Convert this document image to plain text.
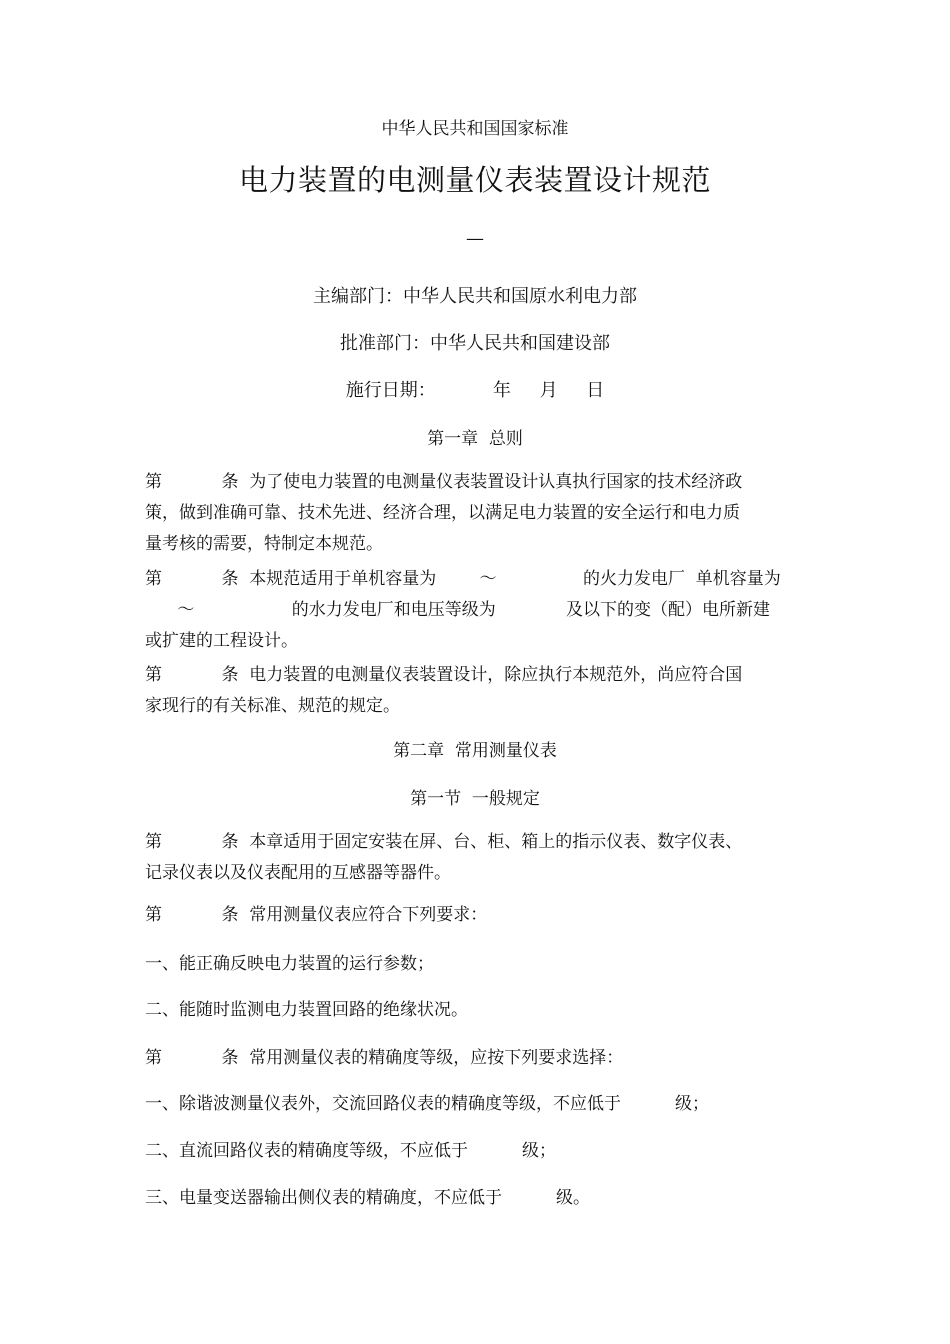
中华人民共和国国家标准
电力装置的电测量仪表装置设计规范
—
主编部门：中华人民共和国原水利电力部
批准部门：中华人民共和国建设部
施行日期：          年     月     日
第一章  总则
第           条  为了使电力装置的电测量仪表装置设计认真执行国家的技术经济政
策，做到准确可靠、技术先进、经济合理，以满足电力装置的安全运行和电力质
量考核的需要，特制定本规范。
第           条  本规范适用于单机容量为        ～                的火力发电厂  单机容量为
～                  的水力发电厂和电压等级为             及以下的变（配）电所新建
或扩建的工程设计。
第           条  电力装置的电测量仪表装置设计，除应执行本规范外，尚应符合国
家现行的有关标准、规范的规定。
第二章  常用测量仪表
第一节  一般规定
第           条  本章适用于固定安装在屏、台、柜、箱上的指示仪表、数字仪表、
记录仪表以及仪表配用的互感器等器件。
第           条  常用测量仪表应符合下列要求：
一、能正确反映电力装置的运行参数；
二、能随时监测电力装置回路的绝缘状况。
第           条  常用测量仪表的精确度等级，应按下列要求选择：
一、除谐波测量仪表外，交流回路仪表的精确度等级，不应低于          级；
二、直流回路仪表的精确度等级，不应低于          级；
三、电量变送器输出侧仪表的精确度，不应低于          级。
